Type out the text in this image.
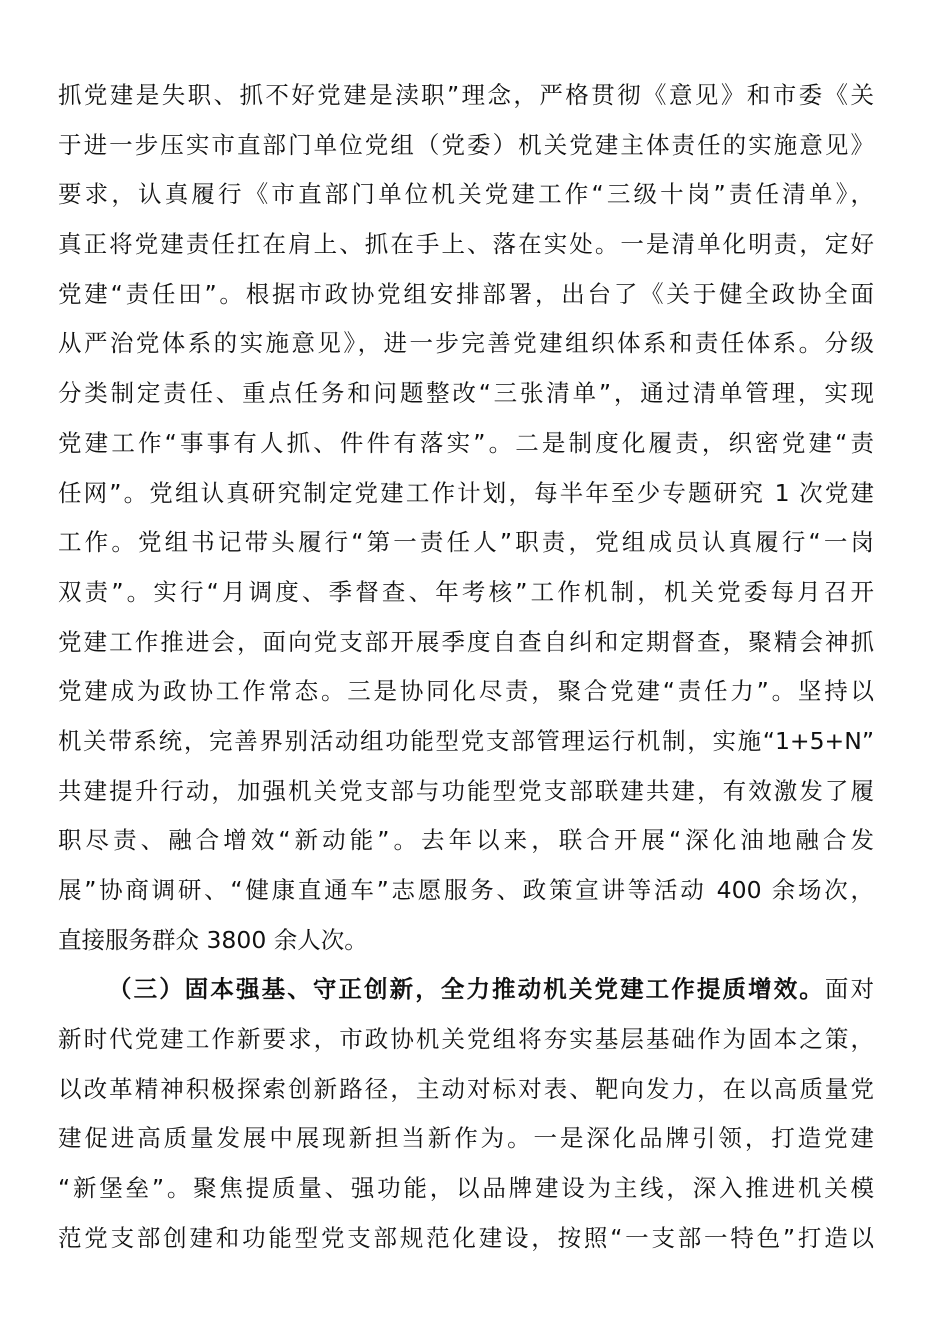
抓党建是失职、抓不好党建是渎职”理念，严格贯彻《意见》和市委《关
于进一步压实市直部门单位党组（党委）机关党建主体责任的实施意见》
要求，认真履行《市直部门单位机关党建工作“三级十岗”责任清单》，
真正将党建责任扛在肩上、抓在手上、落在实处。一是清单化明责，定好
党建“责任田”。根据市政协党组安排部署，出台了《关于健全政协全面
从严治党体系的实施意见》，进一步完善党建组织体系和责任体系。分级
分类制定责任、重点任务和问题整改“三张清单”，通过清单管理，实现
党建工作“事事有人抓、件件有落实”。二是制度化履责，织密党建“责
任网”。党组认真研究制定党建工作计划，每半年至少专题研究 1 次党建
工作。党组书记带头履行“第一责任人”职责，党组成员认真履行“一岗
双责”。实行“月调度、季督查、年考核”工作机制，机关党委每月召开
党建工作推进会，面向党支部开展季度自查自纠和定期督查，聚精会神抓
党建成为政协工作常态。三是协同化尽责，聚合党建“责任力”。坚持以
机关带系统，完善界别活动组功能型党支部管理运行机制，实施“1+5+N”
共建提升行动，加强机关党支部与功能型党支部联建共建，有效激发了履
职尽责、融合增效“新动能”。去年以来，联合开展“深化油地融合发
展”协商调研、“健康直通车”志愿服务、政策宣讲等活动 400 余场次，
直接服务群众 3800 余人次。
（三）固本强基、守正创新，全力推动机关党建工作提质增效。面对
新时代党建工作新要求，市政协机关党组将夯实基层基础作为固本之策，
以改革精神积极探索创新路径，主动对标对表、靶向发力，在以高质量党
建促进高质量发展中展现新担当新作为。一是深化品牌引领，打造党建
“新堡垒”。聚焦提质量、强功能，以品牌建设为主线，深入推进机关模
范党支部创建和功能型党支部规范化建设，按照“一支部一特色”打造以
